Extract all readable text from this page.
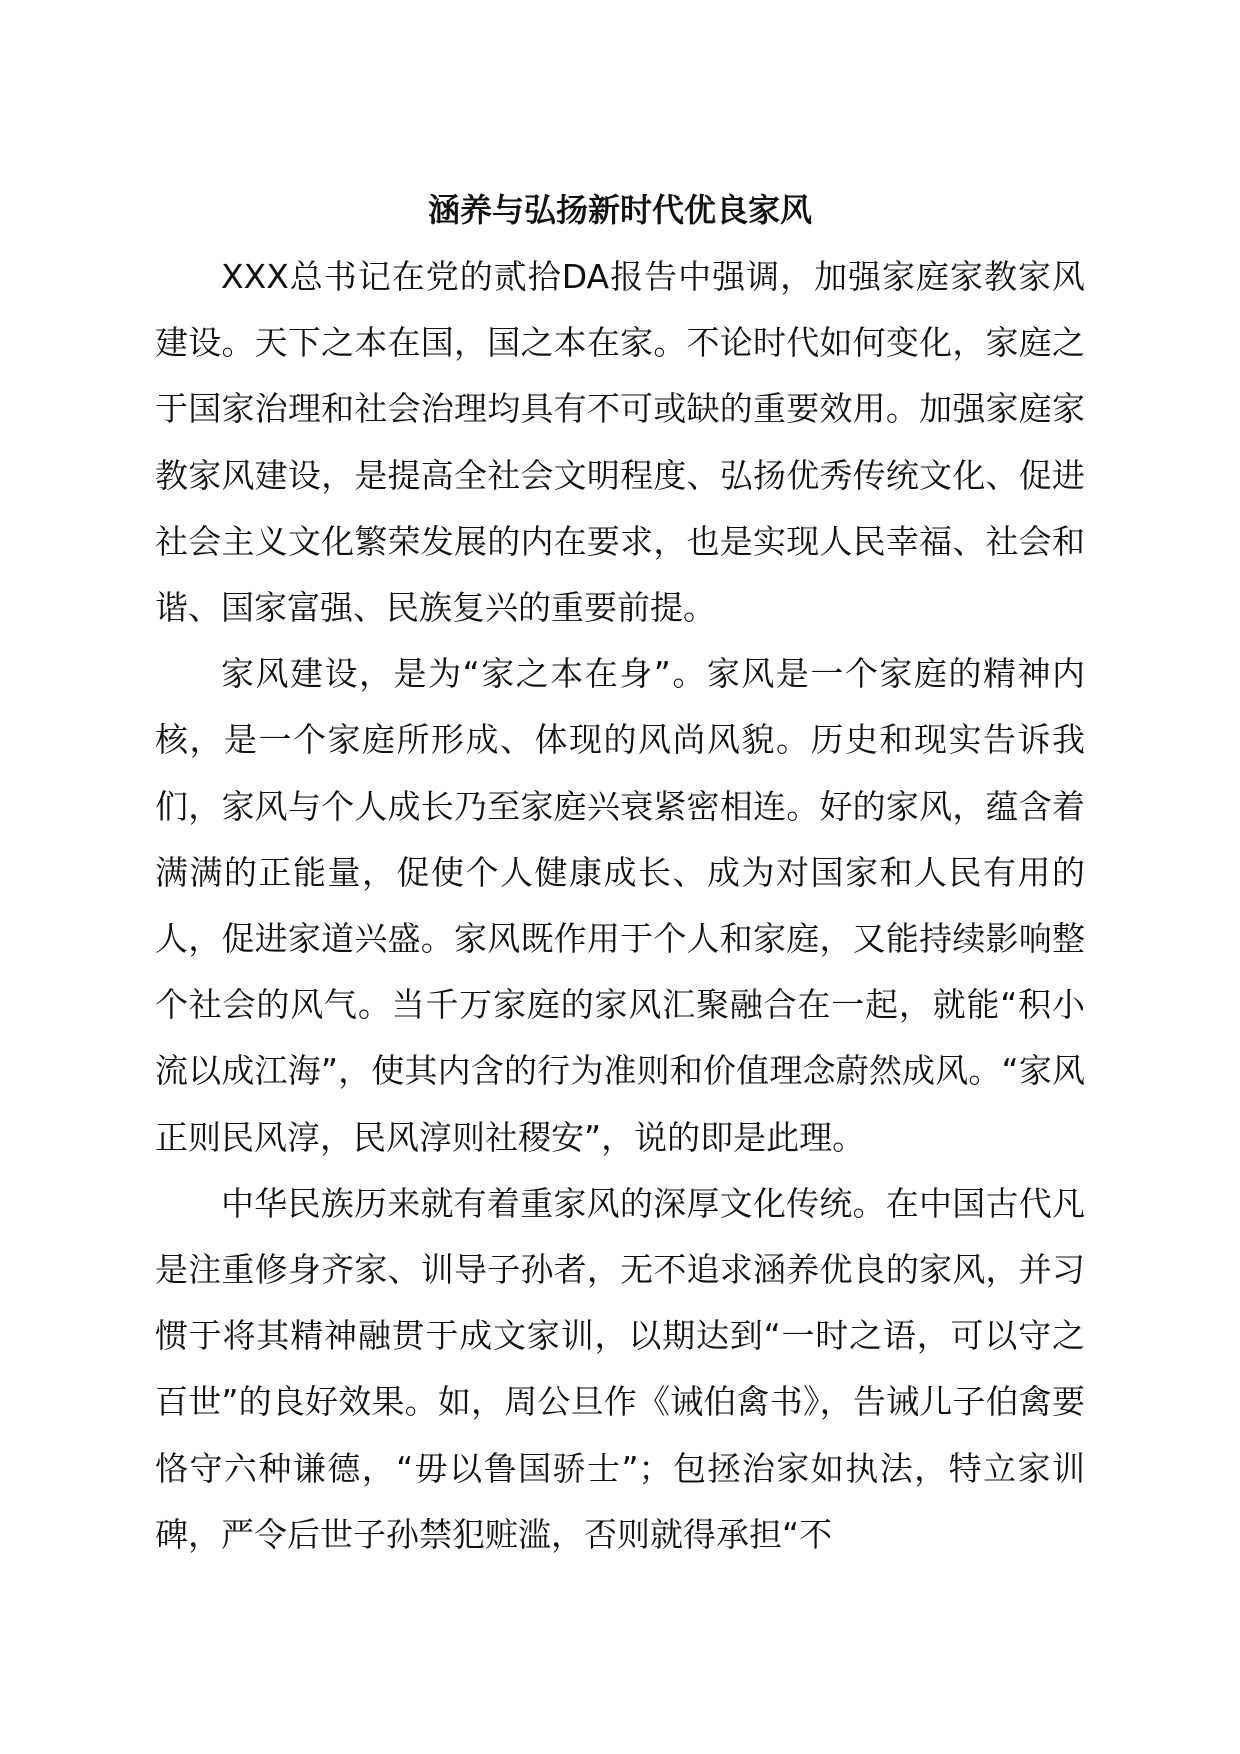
涵养与弘扬新时代优良家风

XXX总书记在党的贰拾DA报告中强调，加强家庭家教家风建设。天下之本在国，国之本在家。不论时代如何变化，家庭之于国家治理和社会治理均具有不可或缺的重要效用。加强家庭家教家风建设，是提高全社会文明程度、弘扬优秀传统文化、促进社会主义文化繁荣发展的内在要求，也是实现人民幸福、社会和谐、国家富强、民族复兴的重要前提。

家风建设，是为“家之本在身”。家风是一个家庭的精神内核，是一个家庭所形成、体现的风尚风貌。历史和现实告诉我们，家风与个人成长乃至家庭兴衰紧密相连。好的家风，蕴含着满满的正能量，促使个人健康成长、成为对国家和人民有用的人，促进家道兴盛。家风既作用于个人和家庭，又能持续影响整个社会的风气。当千万家庭的家风汇聚融合在一起，就能“积小流以成江海”，使其内含的行为准则和价值理念蔚然成风。“家风正则民风淳，民风淳则社稷安”，说的即是此理。

中华民族历来就有着重家风的深厚文化传统。在中国古代凡是注重修身齐家、训导子孙者，无不追求涵养优良的家风，并习惯于将其精神融贯于成文家训，以期达到“一时之语，可以守之百世”的良好效果。如，周公旦作《诫伯禽书》，告诫儿子伯禽要恪守六种谦德，“毋以鲁国骄士”；包拯治家如执法，特立家训碑，严令后世子孙禁犯赃滥，否则就得承担“不
